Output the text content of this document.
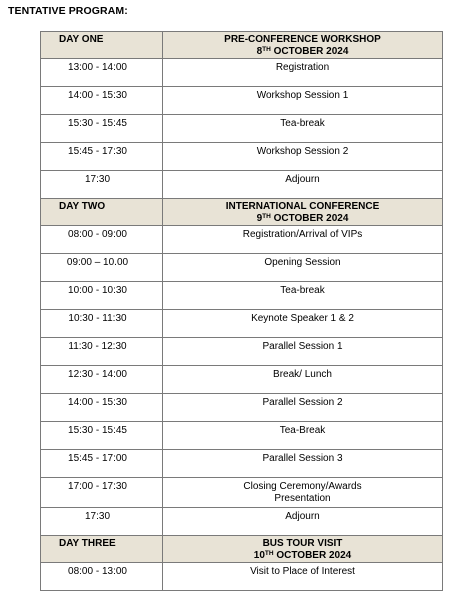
TENTATIVE PROGRAM:
DAY ONE	PRE-CONFERENCE WORKSHOP
8TH OCTOBER 2024

13:00 - 14:00	Registration
14:00 - 15:30	Workshop Session 1
15:30 - 15:45	Tea-break
15:45 - 17:30	Workshop Session 2
17:30	Adjourn
DAY TWO	INTERNATIONAL CONFERENCE
9TH OCTOBER 2024

08:00 - 09:00	Registration/Arrival of VIPs
09:00 – 10.00	Opening Session
10:00 - 10:30	Tea-break
10:30 - 11:30	Keynote Speaker 1 & 2
11:30 - 12:30	Parallel Session 1
12:30 - 14:00	Break/ Lunch
14:00 - 15:30	Parallel Session 2
15:30 - 15:45	Tea-Break
15:45 - 17:00	Parallel Session 3
17:00 - 17:30	Closing Ceremony/Awards
Presentation

17:30	Adjourn
DAY THREE	BUS TOUR VISIT
10TH OCTOBER 2024

08:00 - 13:00	Visit to Place of Interest
